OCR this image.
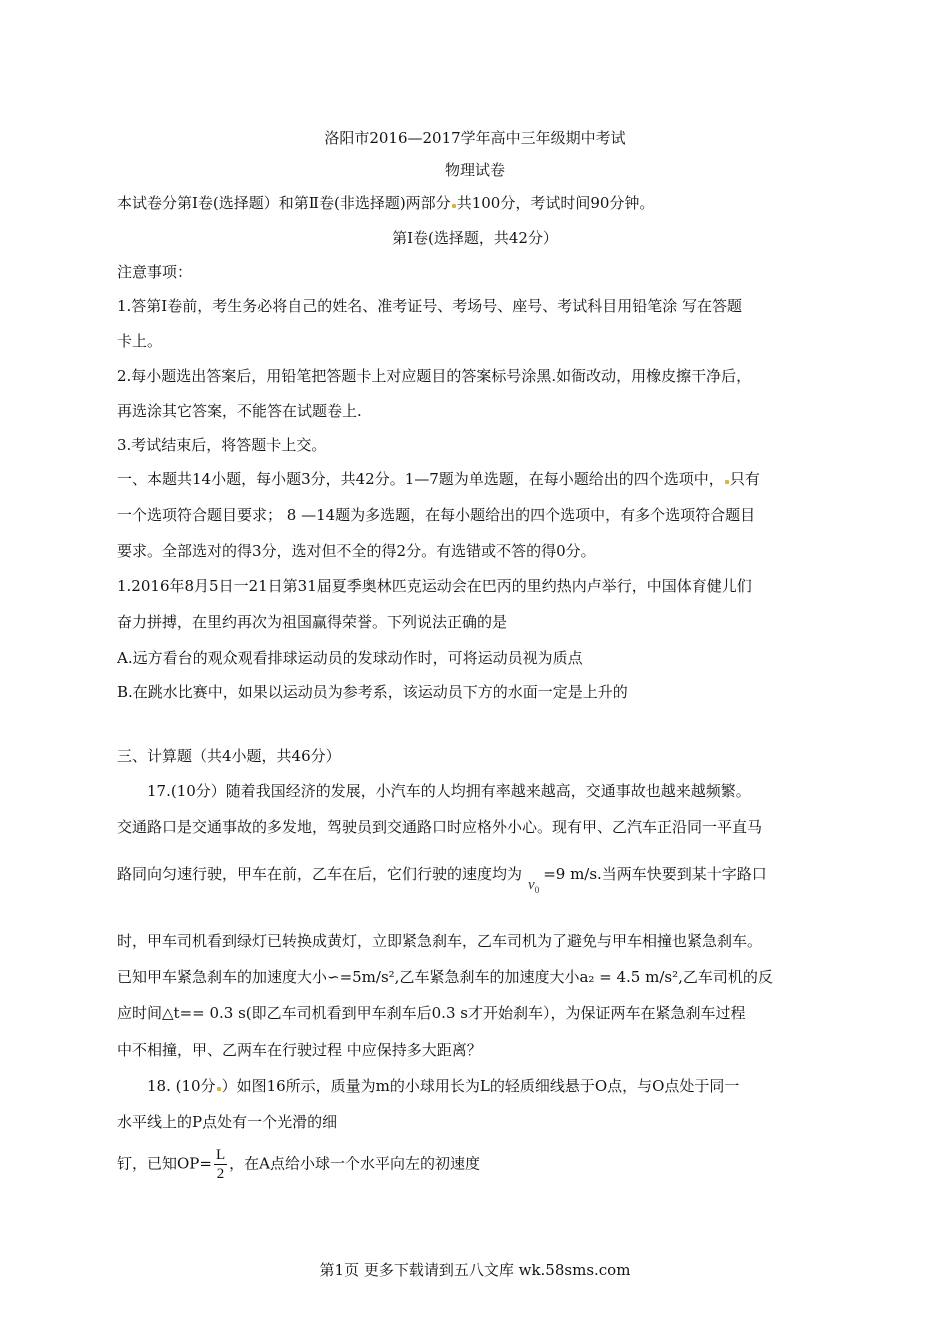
洛阳市2016—2017学年高中三年级期中考试
物理试卷
本试卷分第Ⅰ卷(选择题）和第Ⅱ卷(非选择题)两部分 共100分，考试时间90分钟。
第Ⅰ卷(选择题，共42分）
注意事项：
1.答第Ⅰ卷前，考生务必将自己的姓名、准考证号、考场号、座号、考试科目用铅笔涂 写在答题
卡上。
2.每小题选出答案后，用铅笔把答题卡上对应题目的答案标号涂黑.如衙改动，用橡皮擦干净后，
再选涂其它答案，不能答在试题卷上.
3.考试结束后，将答题卡上交。
一、本题共14小题，每小题3分，共42分。1—7题为单选题，在每小题给出的四个选项中， 只有
一个选项符合题目要求； 8 —14题为多选题，在每小题给出的四个选项中，有多个选项符合题目
要求。全部选对的得3分，选对但不全的得2分。有选错或不答的得0分。
1.2016年8月5日一21日第31届夏季奥林匹克运动会在巴丙的里约热内卢举行，中国体育健儿们
奋力拼搏，在里约再次为祖国赢得荣誉。下列说法正确的是
A.远方看台的观众观看排球运动员的发球动作时，可将运动员视为质点
B.在跳水比赛中，如果以运动员为参考系，该运动员下方的水面一定是上升的
三、计算题（共4小题，共46分）
17.(10分）随着我国经济的发展，小汽车的人均拥有率越来越高，交通事故也越来越频繁。
交通路口是交通事故的多发地，驾驶员到交通路口时应格外小心。现有甲、乙汽车正沿同一平直马
路同向匀速行驶，甲车在前，乙车在后，它们行驶的速度均为$v_0=9$ m/s.当两车快要到某十字路口
时，甲车司机看到绿灯已转换成黄灯，立即紧急刹车，乙车司机为了避免与甲车相撞也紧急刹车。
已知甲车紧急刹车的加速度大小∽=5m/s²,乙车紧急刹车的加速度大小a₂ = 4.5 m/s²,乙车司机的反
应时间△t== 0.3 s(即乙车司机看到甲车刹车后0.3 s才开始刹车），为保证两车在紧急刹车过程
中不相撞，甲、乙两车在行驶过程 中应保持多大距离？
18. (10分 ）如图16所示，质量为m的小球用长为L的轻质细线悬于O点，与O点处于同一
水平线上的P点处有一个光滑的细
钉，已知$OP= \frac{L}{2}$ ，在A点给小球一个水平向左的初速度
第1页 更多下载请到五八文库 wk.58sms.com
